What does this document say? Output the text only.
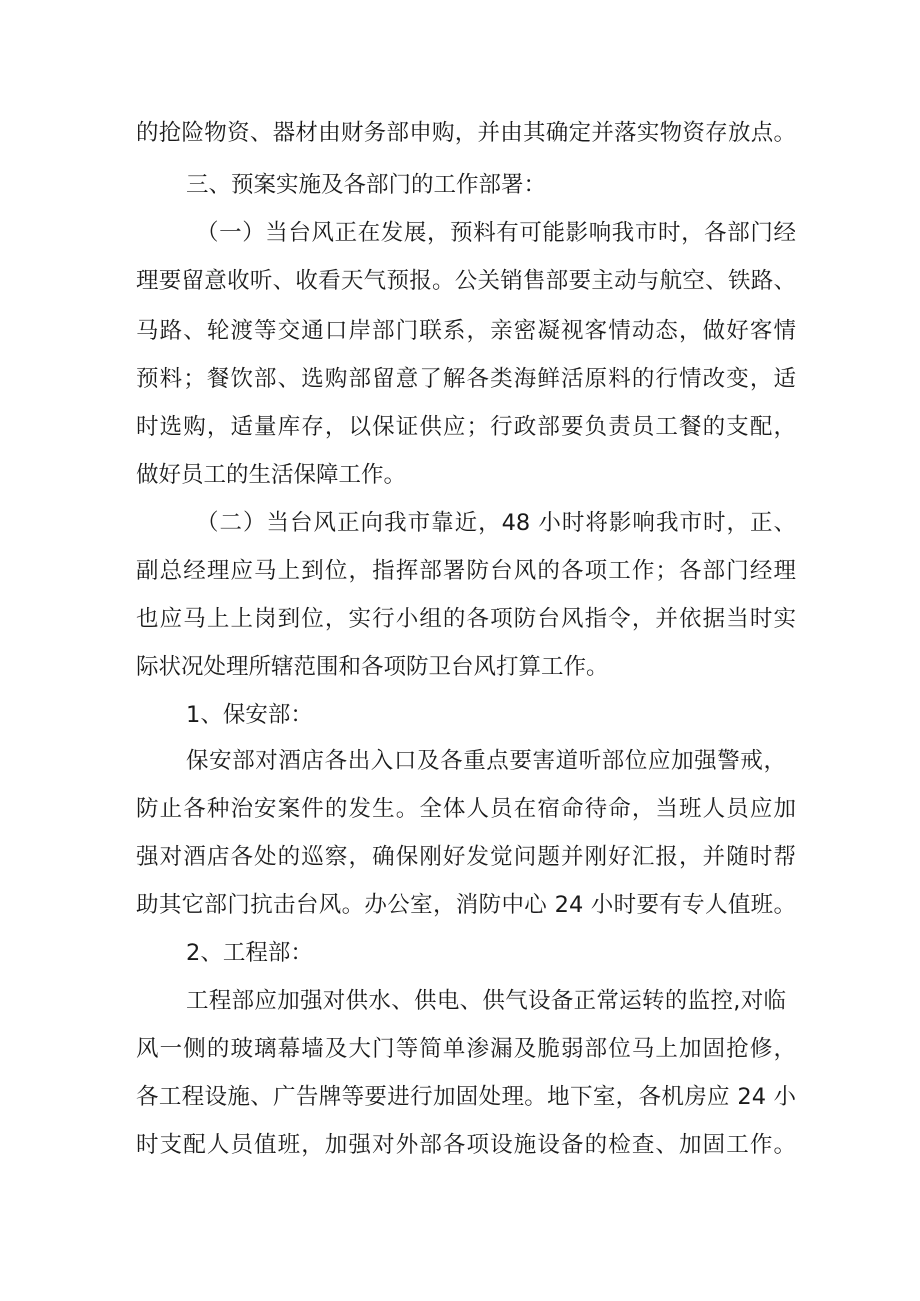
的抢险物资、器材由财务部申购，并由其确定并落实物资存放点。
三、预案实施及各部门的工作部署：
（一）当台风正在发展，预料有可能影响我市时，各部门经
理要留意收听、收看天气预报。公关销售部要主动与航空、铁路、
马路、轮渡等交通口岸部门联系，亲密凝视客情动态，做好客情
预料；餐饮部、选购部留意了解各类海鲜活原料的行情改变，适
时选购，适量库存，以保证供应；行政部要负责员工餐的支配，
做好员工的生活保障工作。
（二）当台风正向我市靠近，48 小时将影响我市时，正、
副总经理应马上到位，指挥部署防台风的各项工作；各部门经理
也应马上上岗到位，实行小组的各项防台风指令，并依据当时实
际状况处理所辖范围和各项防卫台风打算工作。
1、保安部：
保安部对酒店各出入口及各重点要害道听部位应加强警戒，
防止各种治安案件的发生。全体人员在宿命待命，当班人员应加
强对酒店各处的巡察，确保刚好发觉问题并刚好汇报，并随时帮
助其它部门抗击台风。办公室，消防中心 24 小时要有专人值班。
2、工程部：
工程部应加强对供水、供电、供气设备正常运转的监控,对临
风一侧的玻璃幕墙及大门等简单渗漏及脆弱部位马上加固抢修，
各工程设施、广告牌等要进行加固处理。地下室，各机房应 24 小
时支配人员值班，加强对外部各项设施设备的检查、加固工作。
